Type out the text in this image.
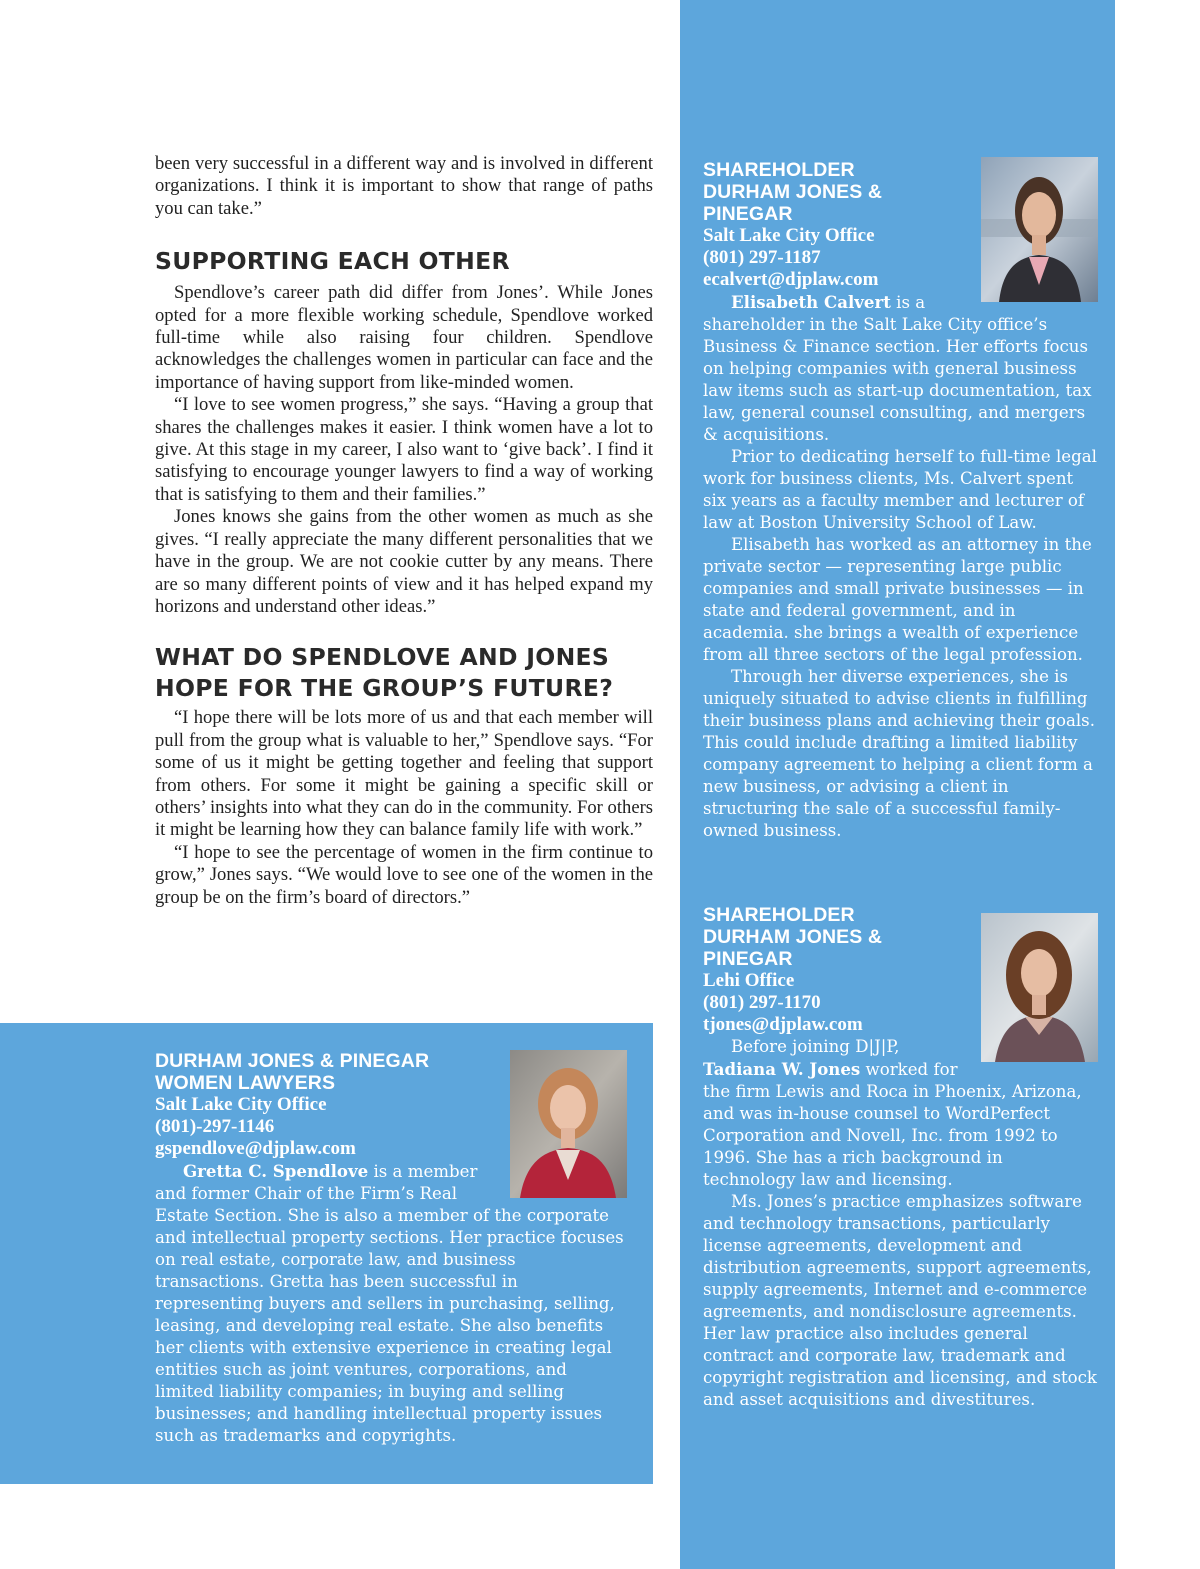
been very successful in a different way and is involved in different organizations. I think it is important to show that range of paths you can take.”

SUPPORTING EACH OTHER

Spendlove’s career path did differ from Jones’. While Jones opted for a more flexible working schedule, Spendlove worked full-time while also raising four children. Spendlove acknowledges the challenges women in particular can face and the importance of having support from like-minded women.

“I love to see women progress,” she says. “Having a group that shares the challenges makes it easier. I think women have a lot to give. At this stage in my career, I also want to ‘give back’. I find it satisfying to encourage younger lawyers to find a way of working that is satisfying to them and their families.”

Jones knows she gains from the other women as much as she gives. “I really appreciate the many different personalities that we have in the group. We are not cookie cutter by any means. There are so many different points of view and it has helped expand my horizons and understand other ideas.”

WHAT DO SPENDLOVE AND JONES
HOPE FOR THE GROUP’S FUTURE?

“I hope there will be lots more of us and that each member will pull from the group what is valuable to her,” Spendlove says. “For some of us it might be getting together and feeling that support from others. For some it might be gaining a specific skill or others’ insights into what they can do in the community. For others it might be learning how they can balance family life with work.”

“I hope to see the percentage of women in the firm continue to grow,” Jones says. “We would love to see one of the women in the group be on the firm’s board of directors.”

SHAREHOLDER
DURHAM JONES & PINEGAR
Salt Lake City Office
(801) 297-1187
ecalvert@djplaw.com

Elisabeth Calvert is a shareholder in the Salt Lake City office’s Business & Finance section. Her efforts focus on helping companies with general business law items such as start-up documentation, tax law, general counsel consulting, and mergers & acquisitions.

Prior to dedicating herself to full-time legal work for business clients, Ms. Calvert spent six years as a faculty member and lecturer of law at Boston University School of Law.

Elisabeth has worked as an attorney in the private sector — representing large public companies and small private businesses — in state and federal government, and in academia. she brings a wealth of experience from all three sectors of the legal profession.

Through her diverse experiences, she is uniquely situated to advise clients in fulfilling their business plans and achieving their goals. This could include drafting a limited liability company agreement to helping a client form a new business, or advising a client in structuring the sale of a successful family-owned business.

SHAREHOLDER
DURHAM JONES & PINEGAR
Lehi Office
(801) 297-1170
tjones@djplaw.com

Before joining D|J|P, Tadiana W. Jones worked for the firm Lewis and Roca in Phoenix, Arizona, and was in-house counsel to WordPerfect Corporation and Novell, Inc. from 1992 to 1996. She has a rich background in technology law and licensing.

Ms. Jones’s practice emphasizes software and technology transactions, particularly license agreements, development and distribution agreements, support agreements, supply agreements, Internet and e-commerce agreements, and nondisclosure agreements. Her law practice also includes general contract and corporate law, trademark and copyright registration and licensing, and stock and asset acquisitions and divestitures.

DURHAM JONES & PINEGAR
WOMEN LAWYERS
Salt Lake City Office
(801)-297-1146
gspendlove@djplaw.com

Gretta C. Spendlove is a member and former Chair of the Firm’s Real Estate Section. She is also a member of the corporate and intellectual property sections. Her practice focuses on real estate, corporate law, and business transactions. Gretta has been successful in representing buyers and sellers in purchasing, selling, leasing, and developing real estate. She also benefits her clients with extensive experience in creating legal entities such as joint ventures, corporations, and limited liability companies; in buying and selling businesses; and handling intellectual property issues such as trademarks and copyrights.
